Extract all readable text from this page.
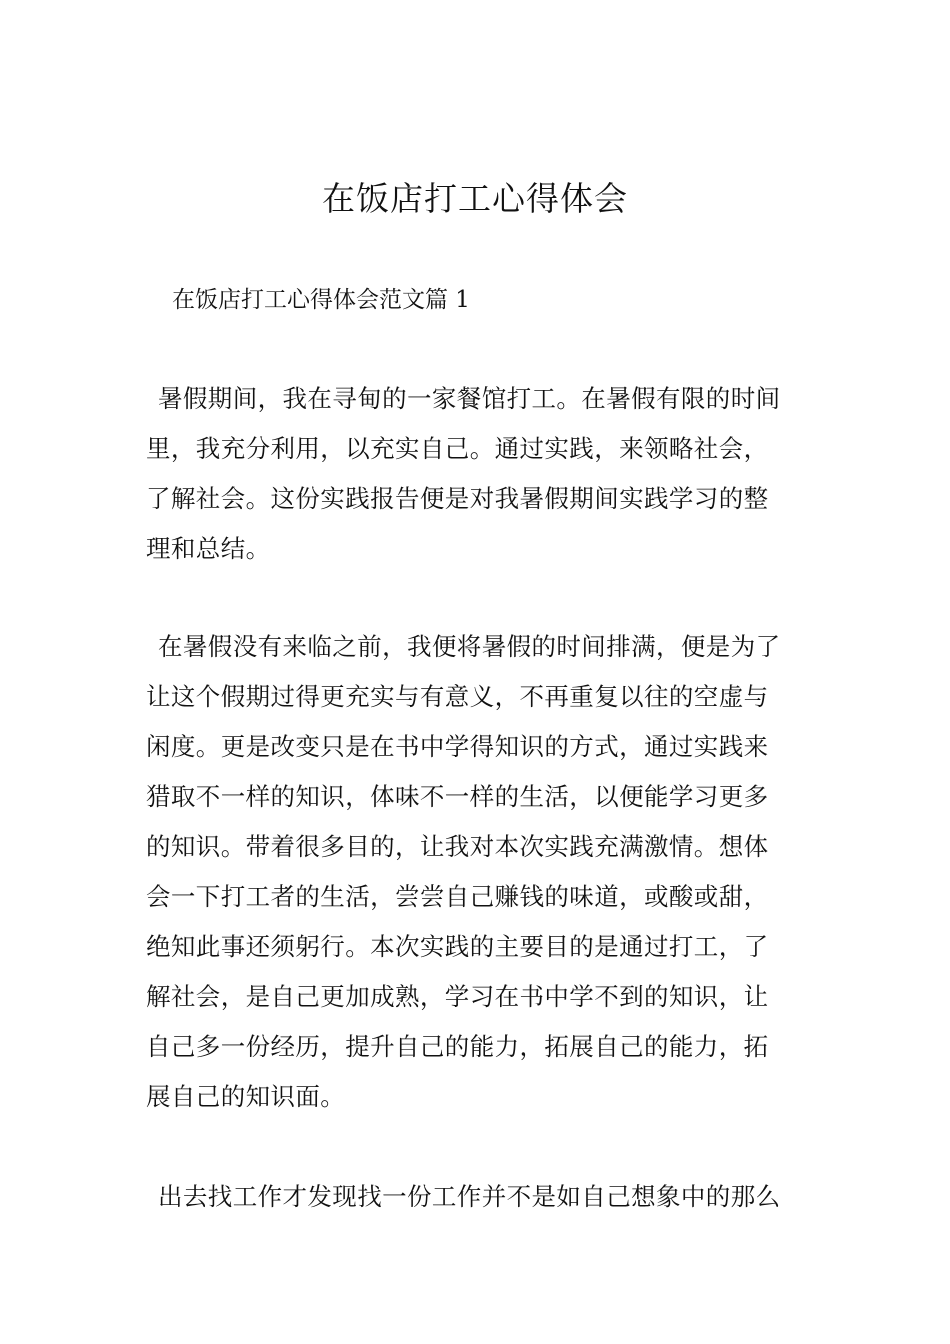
在饭店打工心得体会

在饭店打工心得体会范文篇 1

暑假期间，我在寻甸的一家餐馆打工。在暑假有限的时间
里，我充分利用，以充实自己。通过实践，来领略社会，
了解社会。这份实践报告便是对我暑假期间实践学习的整
理和总结。
在暑假没有来临之前，我便将暑假的时间排满，便是为了
让这个假期过得更充实与有意义，不再重复以往的空虚与
闲度。更是改变只是在书中学得知识的方式，通过实践来
猎取不一样的知识，体味不一样的生活，以便能学习更多
的知识。带着很多目的，让我对本次实践充满激情。想体
会一下打工者的生活，尝尝自己赚钱的味道，或酸或甜，
绝知此事还须躬行。本次实践的主要目的是通过打工，了
解社会，是自己更加成熟，学习在书中学不到的知识，让
自己多一份经历，提升自己的能力，拓展自己的能力，拓
展自己的知识面。
出去找工作才发现找一份工作并不是如自己想象中的那么
